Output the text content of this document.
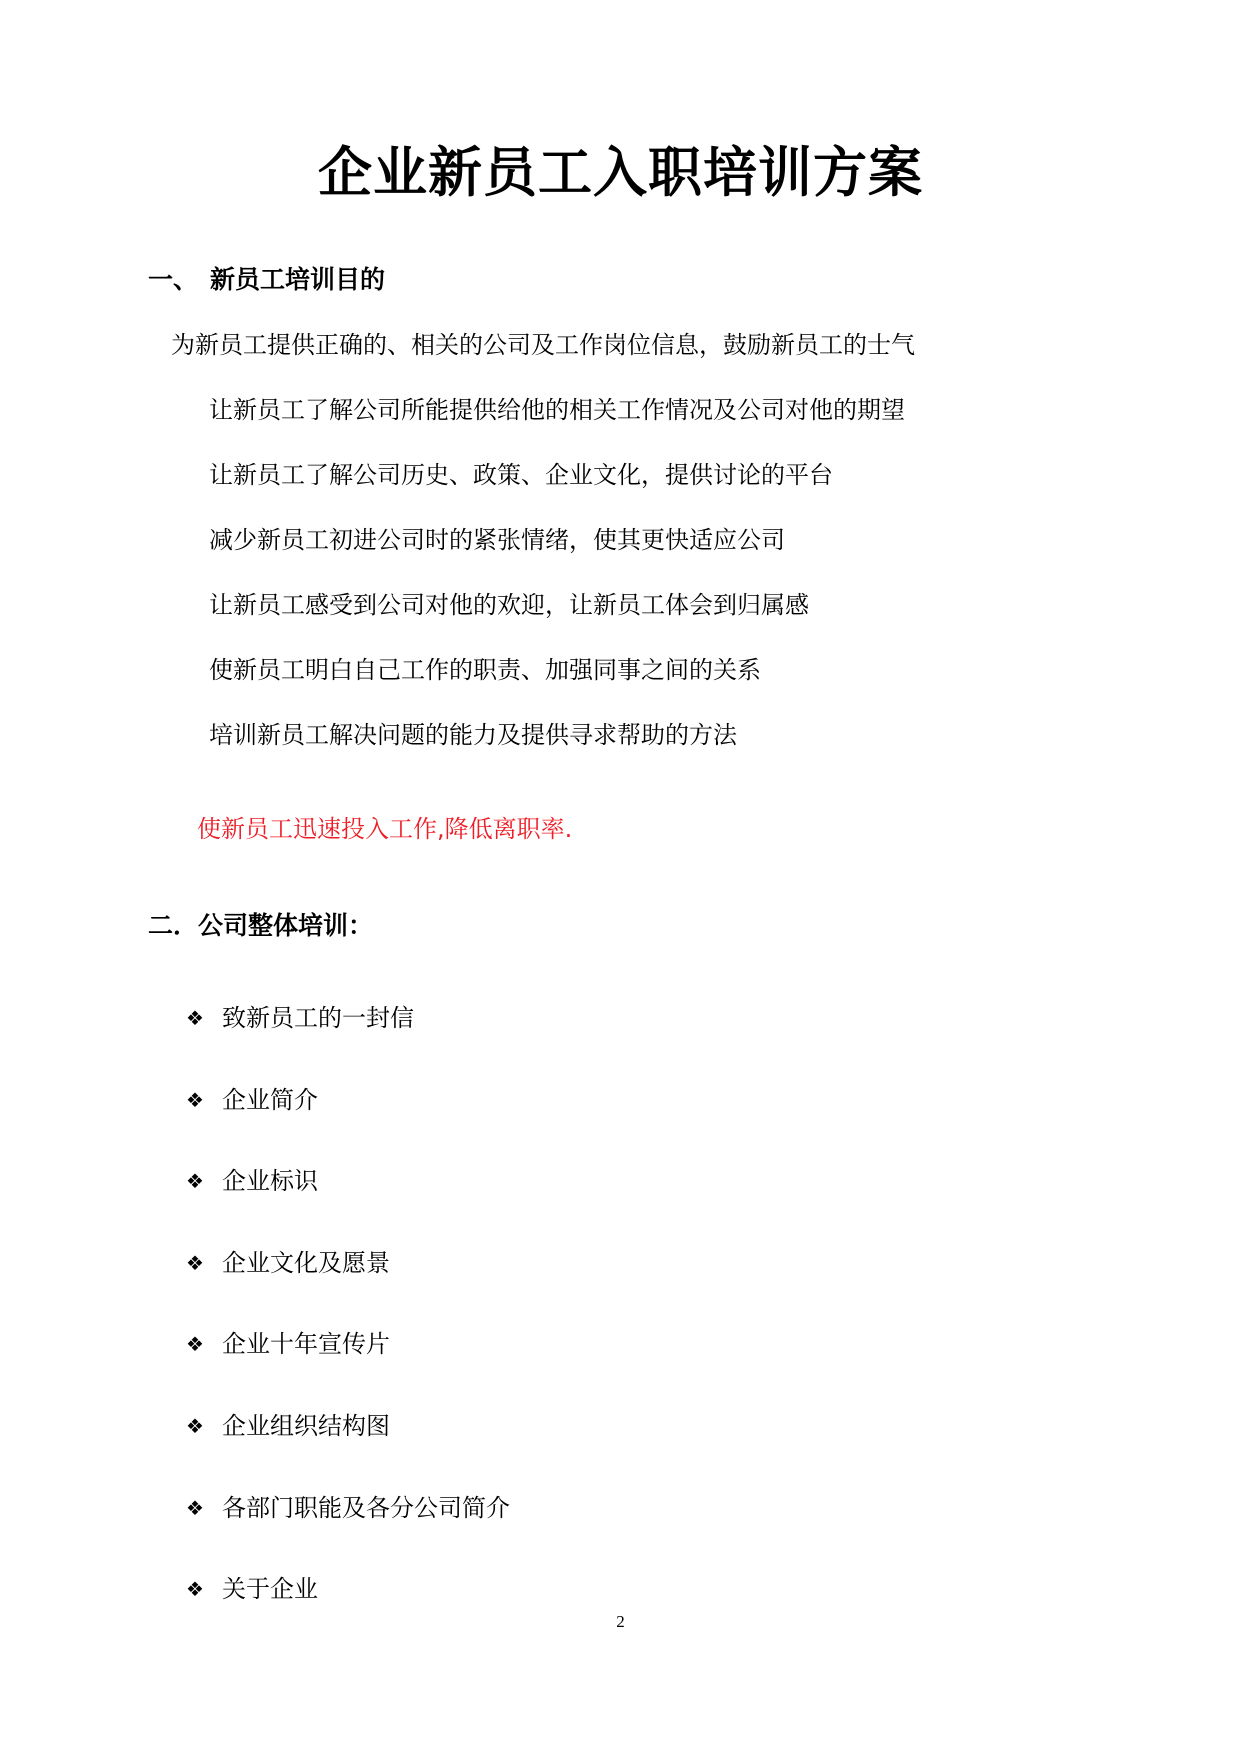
企业新员工入职培训方案
一、 新员工培训目的
为新员工提供正确的、相关的公司及工作岗位信息，鼓励新员工的士气
让新员工了解公司所能提供给他的相关工作情况及公司对他的期望
让新员工了解公司历史、政策、企业文化，提供讨论的平台
减少新员工初进公司时的紧张情绪，使其更快适应公司
让新员工感受到公司对他的欢迎，让新员工体会到归属感
使新员工明白自己工作的职责、加强同事之间的关系
培训新员工解决问题的能力及提供寻求帮助的方法
使新员工迅速投入工作,降低离职率.
二．公司整体培训：
❖ 致新员工的一封信
❖ 企业简介
❖ 企业标识
❖ 企业文化及愿景
❖ 企业十年宣传片
❖ 企业组织结构图
❖ 各部门职能及各分公司简介
❖ 关于企业
2
